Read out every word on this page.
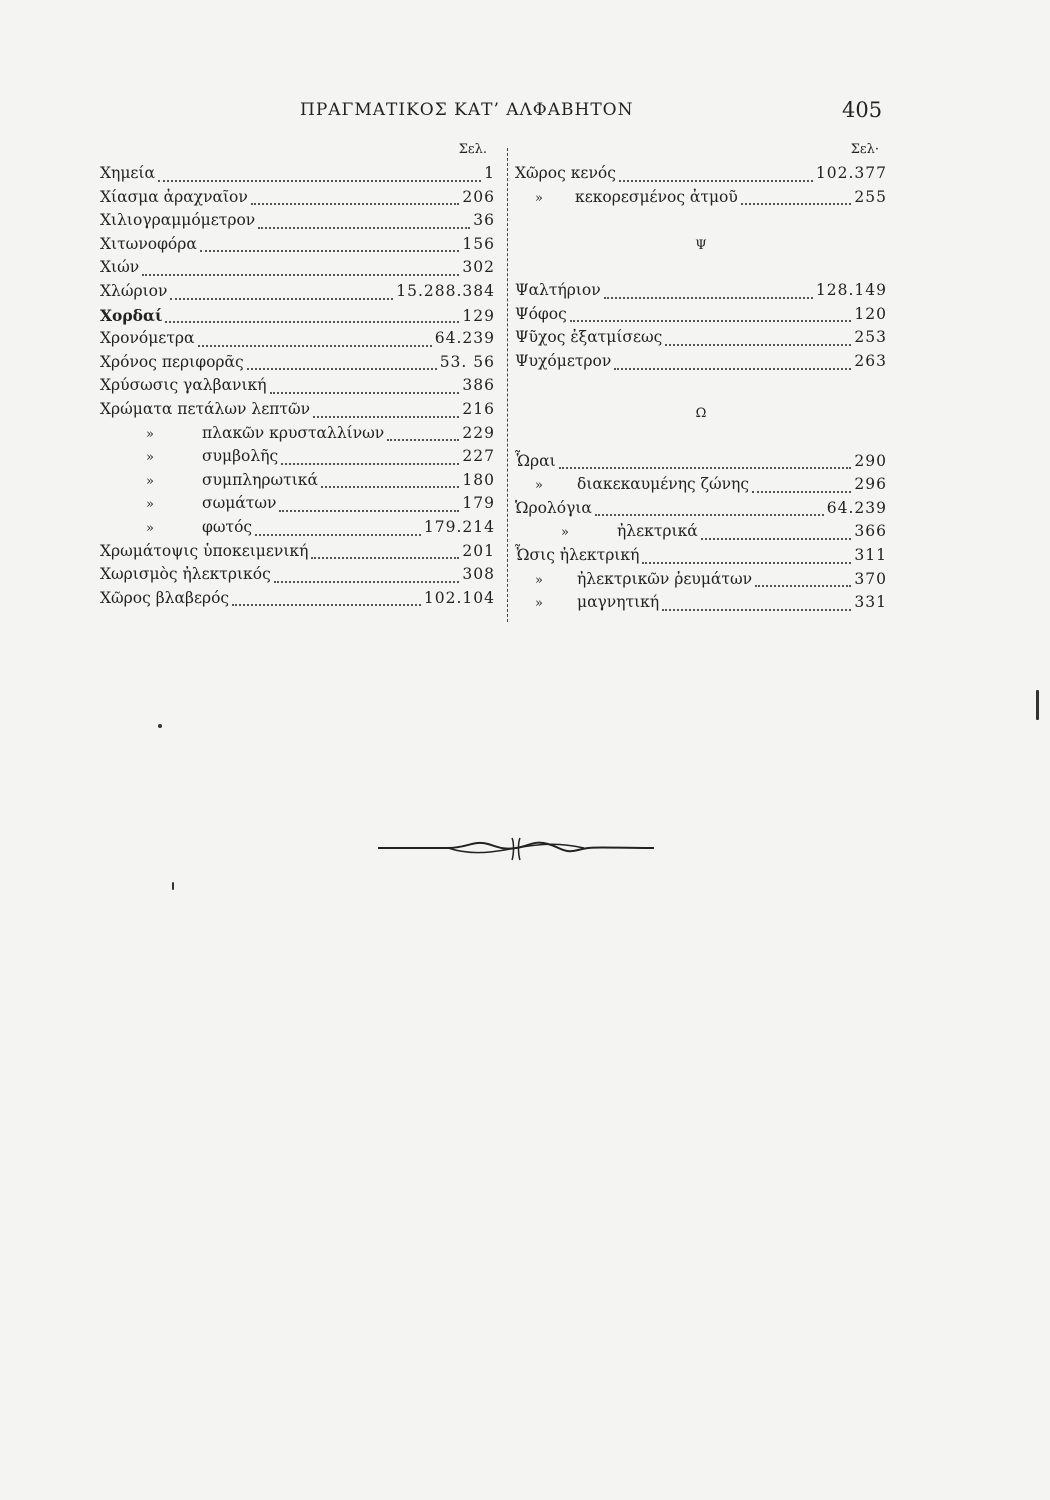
ΠΡΑΓΜΑΤΙΚΟΣ ΚΑΤ’ ΑΛΦΑΒΗΤΟΝ	405
Σελ.
Χημεία	1
Χίασμα ἀραχναῖον	206
Χιλιογραμμόμετρον	36
Χιτωνοφόρα	156
Χιών	302
Χλώριον	15.288.384
Χορδαί	129
Χρονόμετρα	64.239
Χρόνος περιφορᾶς	53. 56
Χρύσωσις γαλβανική	386
Χρώματα πετάλων λεπτῶν	216
»	πλακῶν κρυσταλλίνων	229
»	συμβολῆς	227
»	συμπληρωτικά	180
»	σωμάτων	179
»	φωτός	179.214
Χρωμάτοψις ὑποκειμενική	201
Χωρισμὸς ἠλεκτρικός	308
Χῶρος βλαβερός	102.104
Σελ·
Χῶρος κενός	102.377
» κεκορεσμένος ἀτμοῦ	255
Ψ
Ψαλτήριον	128.149
Ψόφος	120
Ψῦχος ἐξατμίσεως	253
Ψυχόμετρον	263
Ω
Ὧραι	290
» διακεκαυμένης ζώνης	296
Ὡρολόγια	64.239
»	ἠλεκτρικά	366
Ὦσις ἠλεκτρική	311
» ἠλεκτρικῶν ῥευμάτων	370
» μαγνητική	331
